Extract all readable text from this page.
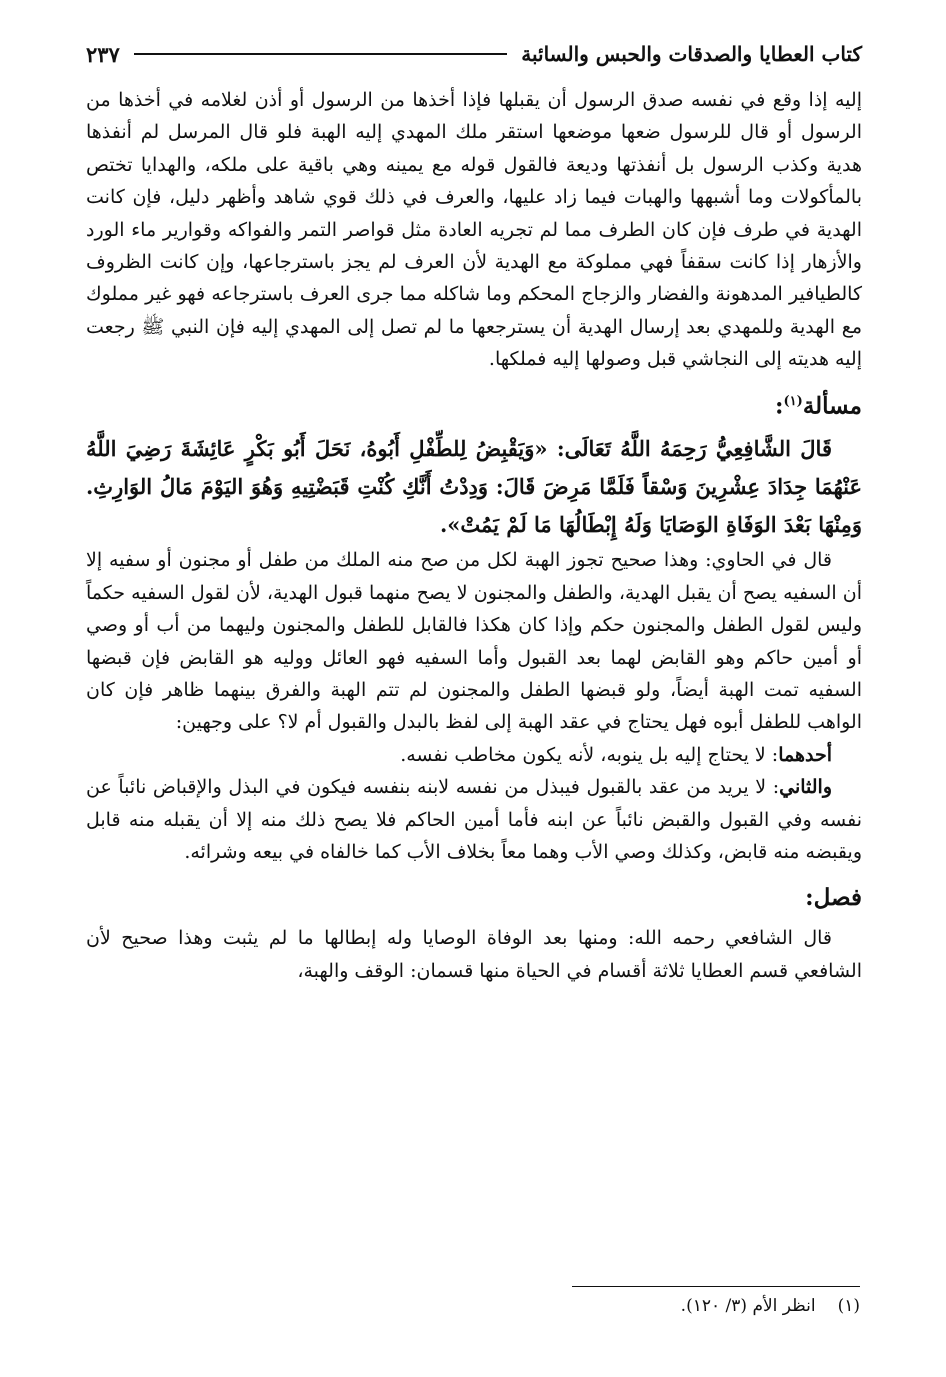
كتاب العطايا والصدقات والحبس والسائبة
٢٣٧

إليه إذا وقع في نفسه صدق الرسول أن يقبلها فإذا أخذها من الرسول أو أذن لغلامه في أخذها من الرسول أو قال للرسول ضعها موضعها استقر ملك المهدي إليه الهبة فلو قال المرسل لم أنفذها هدية وكذب الرسول بل أنفذتها وديعة فالقول قوله مع يمينه وهي باقية على ملكه، والهدايا تختص بالمأكولات وما أشبهها والهبات فيما زاد عليها، والعرف في ذلك قوي شاهد وأظهر دليل، فإن كانت الهدية في طرف فإن كان الطرف مما لم تجريه العادة مثل قواصر التمر والفواكه وقوارير ماء الورد والأزهار إذا كانت سقفاً فهي مملوكة مع الهدية لأن العرف لم يجز باسترجاعها، وإن كانت الظروف كالطيافير المدهونة والفضار والزجاج المحكم وما شاكله مما جرى العرف باسترجاعه فهو غير مملوك مع الهدية وللمهدي بعد إرسال الهدية أن يسترجعها ما لم تصل إلى المهدي إليه فإن النبي ﷺ رجعت إليه هديته إلى النجاشي قبل وصولها إليه فملكها.

مسألة$^{(١)}$:

قَالَ الشَّافِعِيُّ رَحِمَهُ اللَّهُ تَعَالَى: «وَيَقْبِضُ لِلطِّفْلِ أَبُوهُ، نَحَلَ أَبُو بَكْرٍ عَائِشَةَ رَضِيَ اللَّهُ عَنْهُمَا جِدَادَ عِشْرِينَ وَسْقاً فَلَمَّا مَرِضَ قَالَ: وَدِدْتُ أَنَّكِ كُنْتِ قَبَضْتِيهِ وَهُوَ اليَوْمَ مَالُ الوَارِثِ. وَمِنْهَا بَعْدَ الوَفَاةِ الوَصَايَا وَلَهُ إِبْطَالُهَا مَا لَمْ يَمُتْ».

قال في الحاوي: وهذا صحيح تجوز الهبة لكل من صح منه الملك من طفل أو مجنون أو سفيه إلا أن السفيه يصح أن يقبل الهدية، والطفل والمجنون لا يصح منهما قبول الهدية، لأن لقول السفيه حكماً وليس لقول الطفل والمجنون حكم وإذا كان هكذا فالقابل للطفل والمجنون وليهما من أب أو وصي أو أمين حاكم وهو القابض لهما بعد القبول وأما السفيه فهو العائل ووليه هو القابض فإن قبضها السفيه تمت الهبة أيضاً، ولو قبضها الطفل والمجنون لم تتم الهبة والفرق بينهما ظاهر فإن كان الواهب للطفل أبوه فهل يحتاج في عقد الهبة إلى لفظ بالبدل والقبول أم لا؟ على وجهين:

أحدهما: لا يحتاج إليه بل ينوبه، لأنه يكون مخاطب نفسه.

والثاني: لا يريد من عقد بالقبول فيبذل من نفسه لابنه بنفسه فيكون في البذل والإقباض نائباً عن نفسه وفي القبول والقبض نائباً عن ابنه فأما أمين الحاكم فلا يصح ذلك منه إلا أن يقبله منه قابل ويقبضه منه قابض، وكذلك وصي الأب وهما معاً بخلاف الأب كما خالفاه في بيعه وشرائه.

فصل:

قال الشافعي رحمه الله: ومنها بعد الوفاة الوصايا وله إبطالها ما لم يثبت وهذا صحيح لأن الشافعي قسم العطايا ثلاثة أقسام في الحياة منها قسمان: الوقف والهبة،

(١)انظر الأم (٣/ ١٢٠).
